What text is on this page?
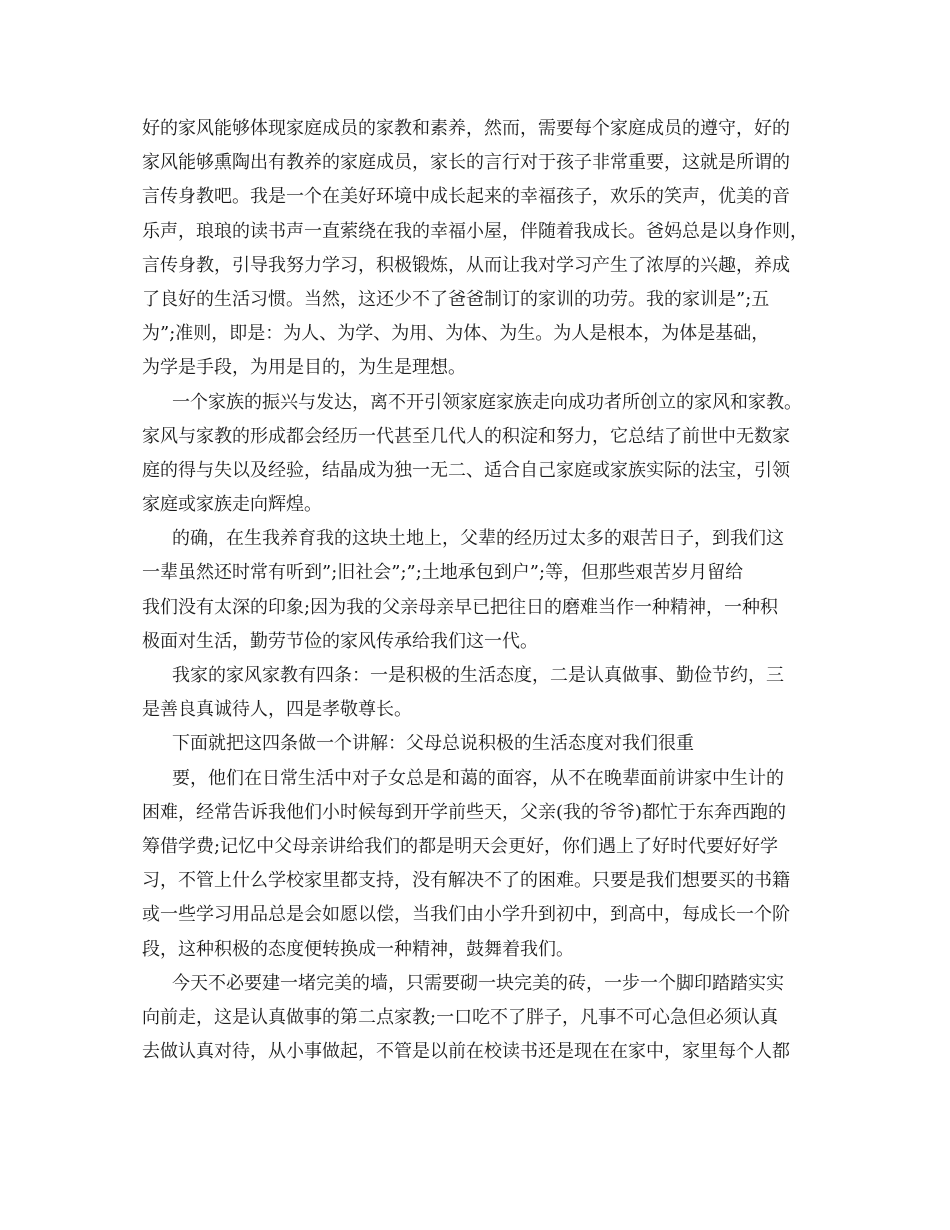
好的家风能够体现家庭成员的家教和素养，然而，需要每个家庭成员的遵守，好的
家风能够熏陶出有教养的家庭成员，家长的言行对于孩子非常重要，这就是所谓的
言传身教吧。我是一个在美好环境中成长起来的幸福孩子，欢乐的笑声，优美的音
乐声，琅琅的读书声一直萦绕在我的幸福小屋，伴随着我成长。爸妈总是以身作则，
言传身教，引导我努力学习，积极锻炼，从而让我对学习产生了浓厚的兴趣，养成
了良好的生活习惯。当然，这还少不了爸爸制订的家训的功劳。我的家训是”;五
为”;准则，即是：为人、为学、为用、为体、为生。为人是根本，为体是基础，
为学是手段，为用是目的，为生是理想。
一个家族的振兴与发达，离不开引领家庭家族走向成功者所创立的家风和家教。
家风与家教的形成都会经历一代甚至几代人的积淀和努力，它总结了前世中无数家
庭的得与失以及经验，结晶成为独一无二、适合自己家庭或家族实际的法宝，引领
家庭或家族走向辉煌。
的确，在生我养育我的这块土地上，父辈的经历过太多的艰苦日子，到我们这
一辈虽然还时常有听到”;旧社会”;”;土地承包到户”;等，但那些艰苦岁月留给
我们没有太深的印象;因为我的父亲母亲早已把往日的磨难当作一种精神，一种积
极面对生活，勤劳节俭的家风传承给我们这一代。
我家的家风家教有四条：一是积极的生活态度，二是认真做事、勤俭节约，三
是善良真诚待人，四是孝敬尊长。
下面就把这四条做一个讲解：父母总说积极的生活态度对我们很重
要，他们在日常生活中对子女总是和蔼的面容，从不在晚辈面前讲家中生计的
困难，经常告诉我他们小时候每到开学前些天，父亲(我的爷爷)都忙于东奔西跑的
筹借学费;记忆中父母亲讲给我们的都是明天会更好，你们遇上了好时代要好好学
习，不管上什么学校家里都支持，没有解决不了的困难。只要是我们想要买的书籍
或一些学习用品总是会如愿以偿，当我们由小学升到初中，到高中，每成长一个阶
段，这种积极的态度便转换成一种精神，鼓舞着我们。
今天不必要建一堵完美的墙，只需要砌一块完美的砖，一步一个脚印踏踏实实
向前走，这是认真做事的第二点家教;一口吃不了胖子，凡事不可心急但必须认真
去做认真对待，从小事做起，不管是以前在校读书还是现在在家中，家里每个人都
